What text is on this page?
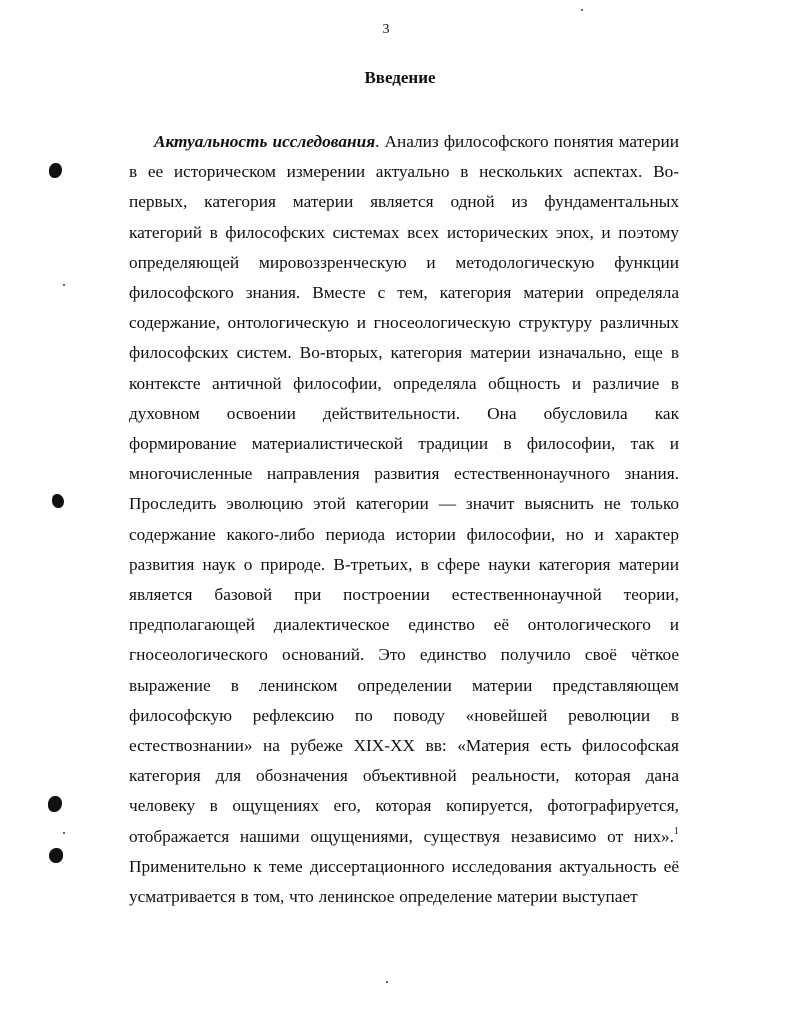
3
Введение

Актуальность исследования. Анализ философского понятия материи в ее историческом измерении актуально в нескольких аспектах. Во-первых, категория материи является одной из фундаментальных категорий в философских системах всех исторических эпох, и поэтому определяющей мировоззренческую и методологическую функции философского знания. Вместе с тем, категория материи определяла содержание, онтологическую и гносеологическую структуру различных философских систем. Во-вторых, категория материи изначально, еще в контексте античной философии, определяла общность и различие в духовном освоении действительности. Она обусловила как формирование материалистической традиции в философии, так и многочисленные направления развития естественнонаучного знания. Проследить эволюцию этой категории — значит выяснить не только содержание какого-либо периода истории философии, но и характер развития наук о природе. В-третьих, в сфере науки категория материи является базовой при построении естественнонаучной теории, предполагающей диалектическое единство её онтологического и гносеологического оснований. Это единство получило своё чёткое выражение в ленинском определении материи представляющем философскую рефлексию по поводу «новейшей революции в естествознании» на рубеже XIX-XX вв: «Материя есть философская категория для обозначения объективной реальности, которая дана человеку в ощущениях его, которая копируется, фотографируется, отображается нашими ощущениями, существуя независимо от них».$^1$ Применительно к теме диссертационного исследования актуальность её усматривается в том, что ленинское определение материи выступает
